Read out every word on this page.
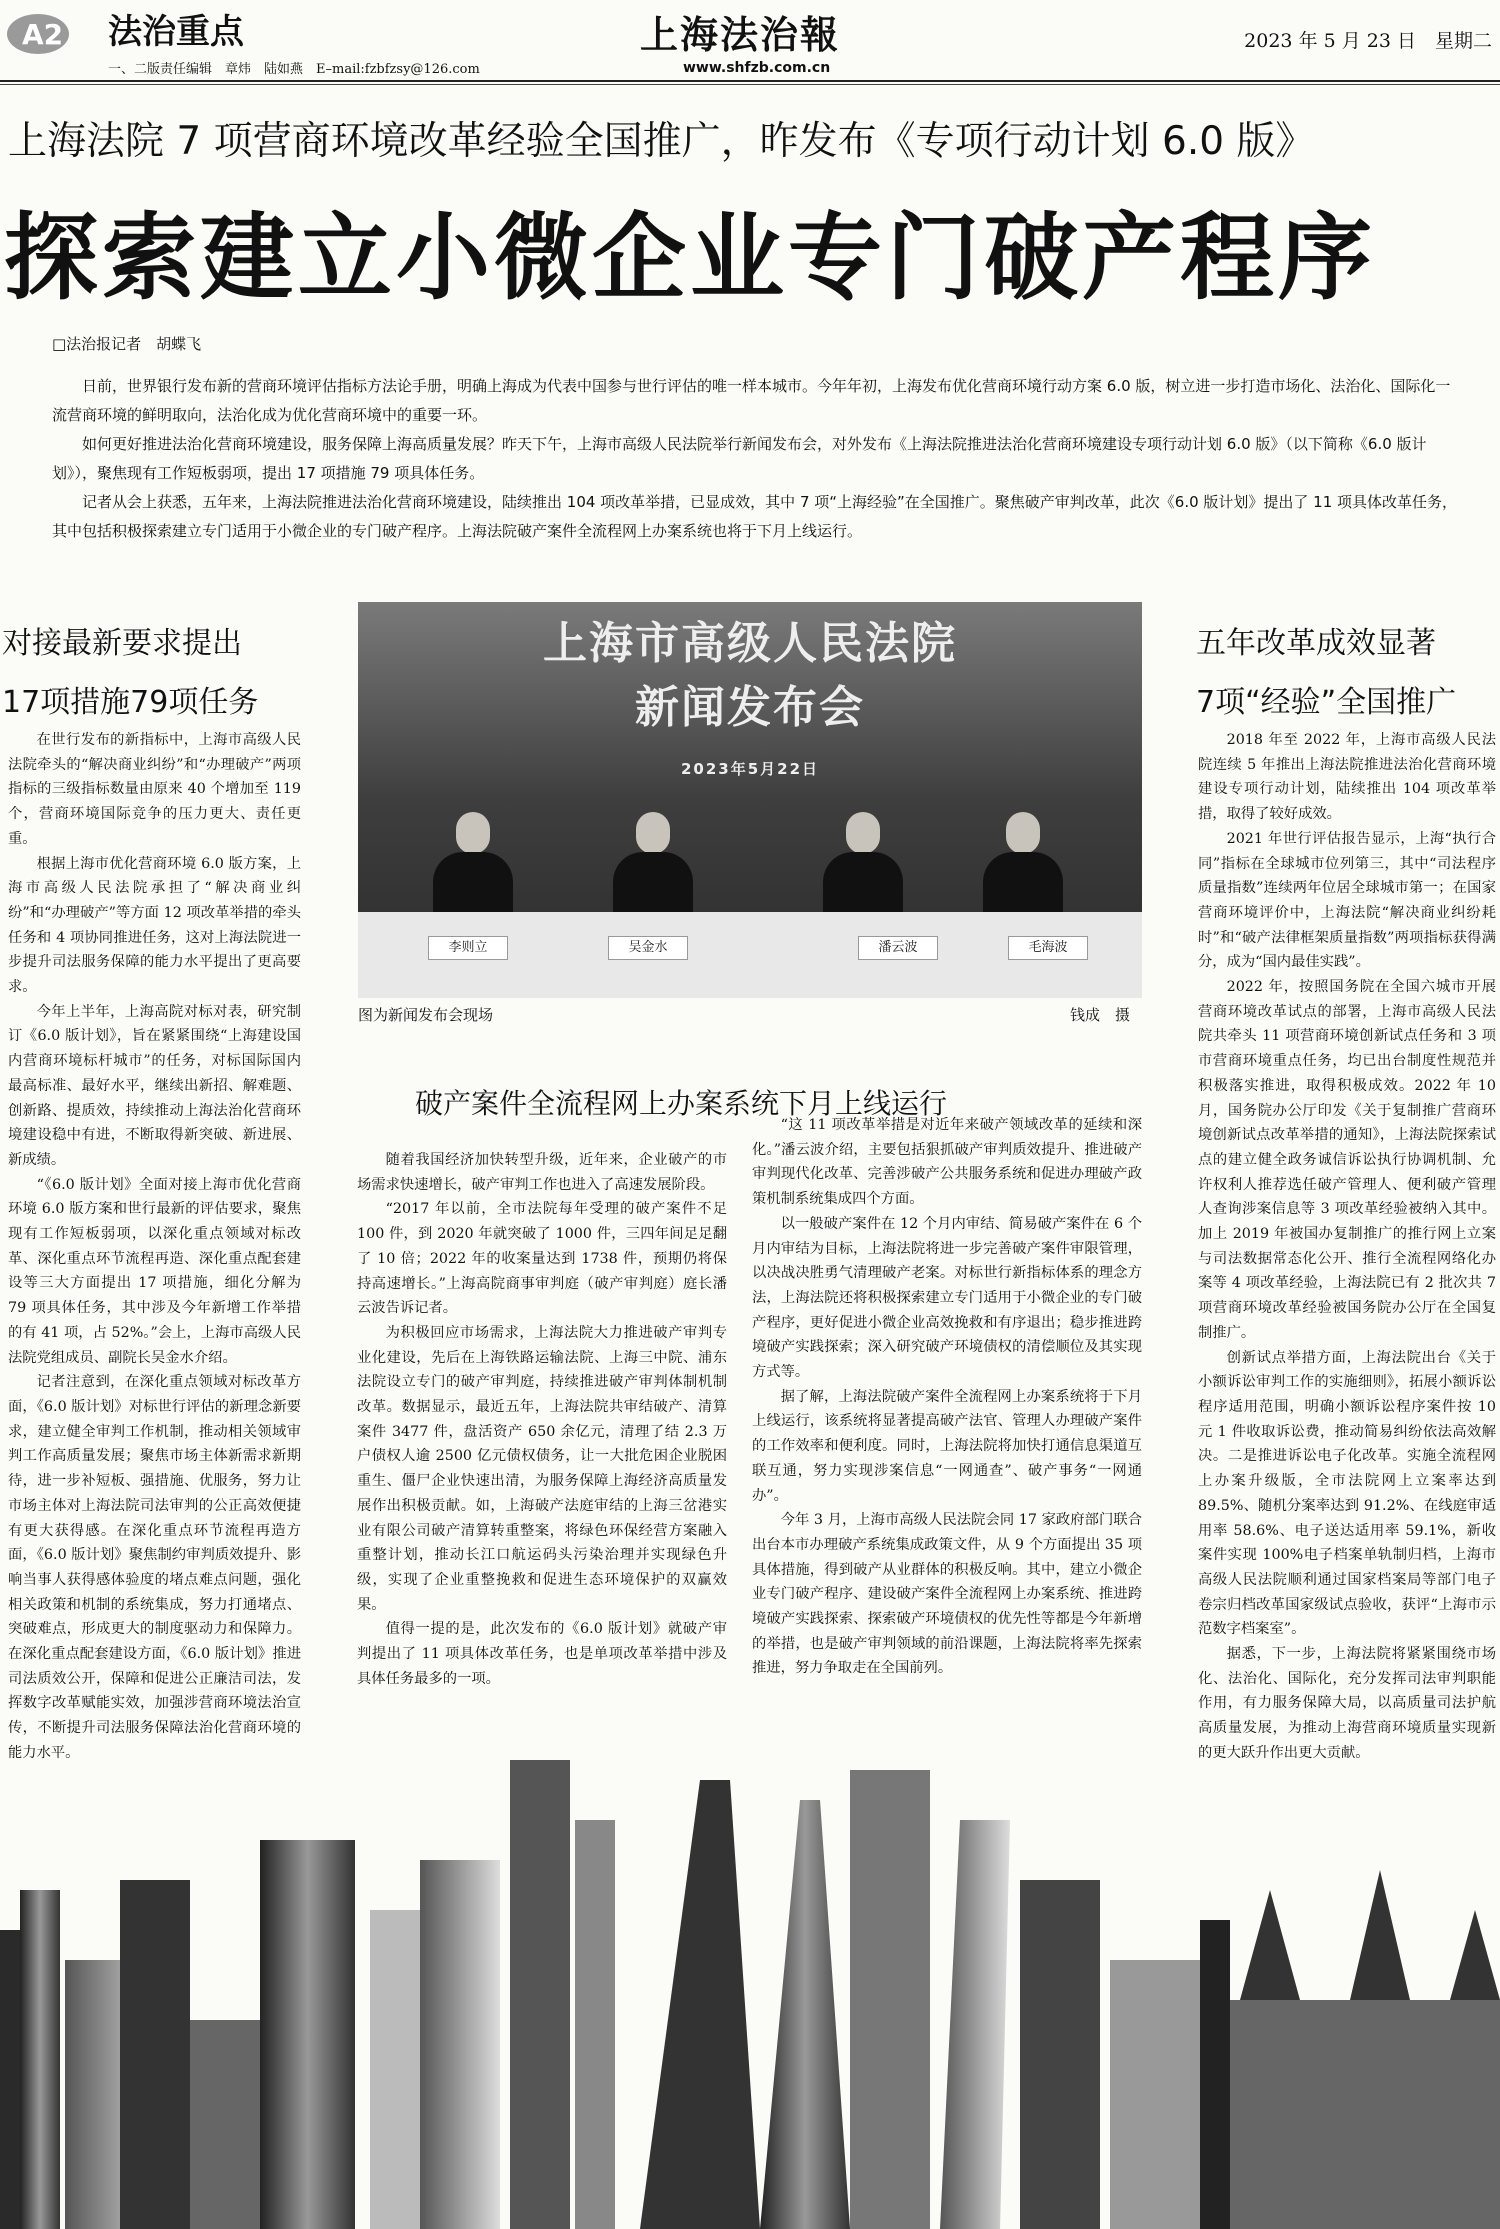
A2 法治重点
一、二版责任编辑　章炜　陆如燕　E–mail:fzbfzsy@126.com
上海法治報
www.shfzb.com.cn
2023 年 5 月 23 日　星期二
上海法院 7 项营商环境改革经验全国推广，昨发布《专项行动计划 6.0 版》
探索建立小微企业专门破产程序
□法治报记者　胡蝶飞

日前，世界银行发布新的营商环境评估指标方法论手册，明确上海成为代表中国参与世行评估的唯一样本城市。今年年初，上海发布优化营商环境行动方案 6.0 版，树立进一步打造市场化、法治化、国际化一流营商环境的鲜明取向，法治化成为优化营商环境中的重要一环。

如何更好推进法治化营商环境建设，服务保障上海高质量发展？昨天下午，上海市高级人民法院举行新闻发布会，对外发布《上海法院推进法治化营商环境建设专项行动计划 6.0 版》（以下简称《6.0 版计划》），聚焦现有工作短板弱项，提出 17 项措施 79 项具体任务。

记者从会上获悉，五年来，上海法院推进法治化营商环境建设，陆续推出 104 项改革举措，已显成效，其中 7 项“上海经验”在全国推广。聚焦破产审判改革，此次《6.0 版计划》提出了 11 项具体改革任务，其中包括积极探索建立专门适用于小微企业的专门破产程序。上海法院破产案件全流程网上办案系统也将于下月上线运行。

对接最新要求提出
17项措施79项任务

在世行发布的新指标中，上海市高级人民法院牵头的“解决商业纠纷”和“办理破产”两项指标的三级指标数量由原来 40 个增加至 119 个，营商环境国际竞争的压力更大、责任更重。

根据上海市优化营商环境 6.0 版方案，上海市高级人民法院承担了“解决商业纠纷”和“办理破产”等方面 12 项改革举措的牵头任务和 4 项协同推进任务，这对上海法院进一步提升司法服务保障的能力水平提出了更高要求。

今年上半年，上海高院对标对表，研究制订《6.0 版计划》，旨在紧紧围绕“上海建设国内营商环境标杆城市”的任务，对标国际国内最高标准、最好水平，继续出新招、解难题、创新路、提质效，持续推动上海法治化营商环境建设稳中有进，不断取得新突破、新进展、新成绩。

“《6.0 版计划》全面对接上海市优化营商环境 6.0 版方案和世行最新的评估要求，聚焦现有工作短板弱项，以深化重点领域对标改革、深化重点环节流程再造、深化重点配套建设等三大方面提出 17 项措施，细化分解为 79 项具体任务，其中涉及今年新增工作举措的有 41 项，占 52%。”会上，上海市高级人民法院党组成员、副院长吴金水介绍。

记者注意到，在深化重点领域对标改革方面，《6.0 版计划》对标世行评估的新理念新要求，建立健全审判工作机制，推动相关领域审判工作高质量发展；聚焦市场主体新需求新期待，进一步补短板、强措施、优服务，努力让市场主体对上海法院司法审判的公正高效便捷有更大获得感。在深化重点环节流程再造方面，《6.0 版计划》聚焦制约审判质效提升、影响当事人获得感体验度的堵点难点问题，强化相关政策和机制的系统集成，努力打通堵点、突破难点，形成更大的制度驱动力和保障力。在深化重点配套建设方面，《6.0 版计划》推进司法质效公开，保障和促进公正廉洁司法，发挥数字改革赋能实效，加强涉营商环境法治宣传，不断提升司法服务保障法治化营商环境的能力水平。

上海市高级人民法院
新闻发布会
2023年5月22日
李则立	吴金水	潘云波	毛海波
图为新闻发布会现场	钱成　摄
破产案件全流程网上办案系统下月上线运行

随着我国经济加快转型升级，近年来，企业破产的市场需求快速增长，破产审判工作也进入了高速发展阶段。

“2017 年以前，全市法院每年受理的破产案件不足 100 件，到 2020 年就突破了 1000 件，三四年间足足翻了 10 倍；2022 年的收案量达到 1738 件，预期仍将保持高速增长。”上海高院商事审判庭（破产审判庭）庭长潘云波告诉记者。

为积极回应市场需求，上海法院大力推进破产审判专业化建设，先后在上海铁路运输法院、上海三中院、浦东法院设立专门的破产审判庭，持续推进破产审判体制机制改革。数据显示，最近五年，上海法院共审结破产、清算案件 3477 件，盘活资产 650 余亿元，清理了结 2.3 万户债权人逾 2500 亿元债权债务，让一大批危困企业脱困重生、僵尸企业快速出清，为服务保障上海经济高质量发展作出积极贡献。如，上海破产法庭审结的上海三岔港实业有限公司破产清算转重整案，将绿色环保经营方案融入重整计划，推动长江口航运码头污染治理并实现绿色升级，实现了企业重整挽救和促进生态环境保护的双赢效果。

值得一提的是，此次发布的《6.0 版计划》就破产审判提出了 11 项具体改革任务，也是单项改革举措中涉及具体任务最多的一项。

“这 11 项改革举措是对近年来破产领域改革的延续和深化。”潘云波介绍，主要包括狠抓破产审判质效提升、推进破产审判现代化改革、完善涉破产公共服务系统和促进办理破产政策机制系统集成四个方面。

以一般破产案件在 12 个月内审结、简易破产案件在 6 个月内审结为目标，上海法院将进一步完善破产案件审限管理，以决战决胜勇气清理破产老案。对标世行新指标体系的理念方法，上海法院还将积极探索建立专门适用于小微企业的专门破产程序，更好促进小微企业高效挽救和有序退出；稳步推进跨境破产实践探索；深入研究破产环境债权的清偿顺位及其实现方式等。

据了解，上海法院破产案件全流程网上办案系统将于下月上线运行，该系统将显著提高破产法官、管理人办理破产案件的工作效率和便利度。同时，上海法院将加快打通信息渠道互联互通，努力实现涉案信息“一网通查”、破产事务“一网通办”。

今年 3 月，上海市高级人民法院会同 17 家政府部门联合出台本市办理破产系统集成政策文件，从 9 个方面提出 35 项具体措施，得到破产从业群体的积极反响。其中，建立小微企业专门破产程序、建设破产案件全流程网上办案系统、推进跨境破产实践探索、探索破产环境债权的优先性等都是今年新增的举措，也是破产审判领域的前沿课题，上海法院将率先探索推进，努力争取走在全国前列。

五年改革成效显著
7项“经验”全国推广

2018 年至 2022 年，上海市高级人民法院连续 5 年推出上海法院推进法治化营商环境建设专项行动计划，陆续推出 104 项改革举措，取得了较好成效。

2021 年世行评估报告显示，上海“执行合同”指标在全球城市位列第三，其中“司法程序质量指数”连续两年位居全球城市第一；在国家营商环境评价中，上海法院“解决商业纠纷耗时”和“破产法律框架质量指数”两项指标获得满分，成为“国内最佳实践”。

2022 年，按照国务院在全国六城市开展营商环境改革试点的部署，上海市高级人民法院共牵头 11 项营商环境创新试点任务和 3 项市营商环境重点任务，均已出台制度性规范并积极落实推进，取得积极成效。2022 年 10 月，国务院办公厅印发《关于复制推广营商环境创新试点改革举措的通知》，上海法院探索试点的建立健全政务诚信诉讼执行协调机制、允许权利人推荐选任破产管理人、便利破产管理人查询涉案信息等 3 项改革经验被纳入其中。加上 2019 年被国办复制推广的推行网上立案与司法数据常态化公开、推行全流程网络化办案等 4 项改革经验，上海法院已有 2 批次共 7 项营商环境改革经验被国务院办公厅在全国复制推广。

创新试点举措方面，上海法院出台《关于小额诉讼审判工作的实施细则》，拓展小额诉讼程序适用范围，明确小额诉讼程序案件按 10 元 1 件收取诉讼费，推动简易纠纷依法高效解决。二是推进诉讼电子化改革。实施全流程网上办案升级版，全市法院网上立案率达到 89.5%、随机分案率达到 91.2%、在线庭审适用率 58.6%、电子送达适用率 59.1%，新收案件实现 100%电子档案单轨制归档，上海市高级人民法院顺利通过国家档案局等部门电子卷宗归档改革国家级试点验收，获评“上海市示范数字档案室”。

据悉，下一步，上海法院将紧紧围绕市场化、法治化、国际化，充分发挥司法审判职能作用，有力服务保障大局，以高质量司法护航高质量发展，为推动上海营商环境质量实现新的更大跃升作出更大贡献。
